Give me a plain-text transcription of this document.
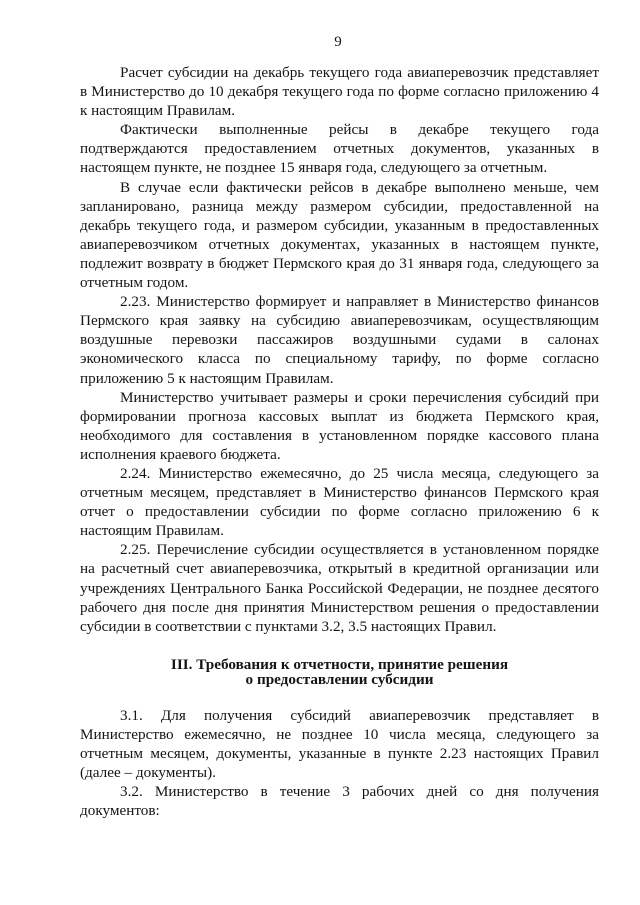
9

Расчет субсидии на декабрь текущего года авиаперевозчик представляет в Министерство до 10 декабря текущего года по форме согласно приложению 4 к настоящим Правилам.

Фактически выполненные рейсы в декабре текущего года подтверждаются предоставлением отчетных документов, указанных в настоящем пункте, не позднее 15 января года, следующего за отчетным.

В случае если фактически рейсов в декабре выполнено меньше, чем запланировано, разница между размером субсидии, предоставленной на декабрь текущего года, и размером субсидии, указанным в предоставленных авиаперевозчиком отчетных документах, указанных в настоящем пункте, подлежит возврату в бюджет Пермского края до 31 января года, следующего за отчетным годом.

2.23. Министерство формирует и направляет в Министерство финансов Пермского края заявку на субсидию авиаперевозчикам, осуществляющим воздушные перевозки пассажиров воздушными судами в салонах экономического класса по специальному тарифу, по форме согласно приложению 5 к настоящим Правилам.

Министерство учитывает размеры и сроки перечисления субсидий при формировании прогноза кассовых выплат из бюджета Пермского края, необходимого для составления в установленном порядке кассового плана исполнения краевого бюджета.

2.24. Министерство ежемесячно, до 25 числа месяца, следующего за отчетным месяцем, представляет в Министерство финансов Пермского края отчет о предоставлении субсидии по форме согласно приложению 6 к настоящим Правилам.

2.25. Перечисление субсидии осуществляется в установленном порядке на расчетный счет авиаперевозчика, открытый в кредитной организации или учреждениях Центрального Банка Российской Федерации, не позднее десятого рабочего дня после дня принятия Министерством решения о предоставлении субсидии в соответствии с пунктами 3.2, 3.5 настоящих Правил.

III. Требования к отчетности, принятие решения
о предоставлении субсидии

3.1. Для получения субсидий авиаперевозчик представляет в Министерство ежемесячно, не позднее 10 числа месяца, следующего за отчетным месяцем, документы, указанные в пункте 2.23 настоящих Правил (далее – документы).

3.2. Министерство в течение 3 рабочих дней со дня получения документов:
